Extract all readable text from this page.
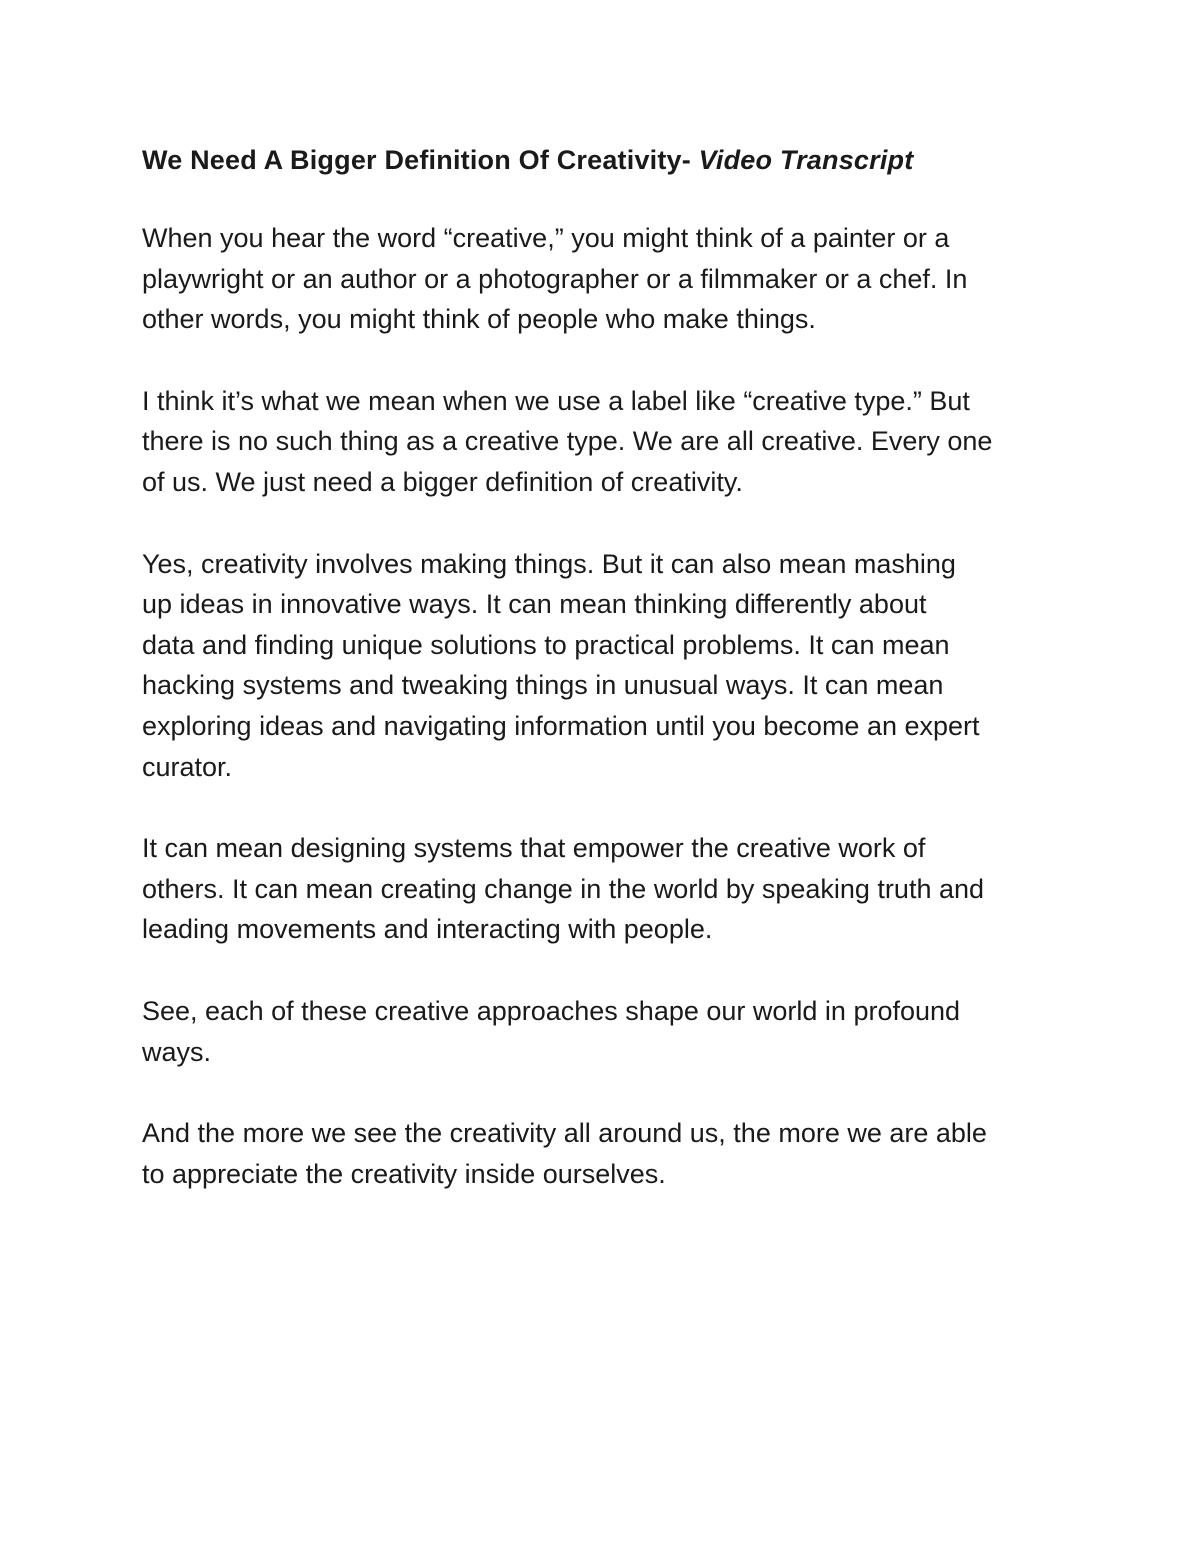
We Need A Bigger Definition Of Creativity- Video Transcript

When you hear the word “creative,” you might think of a painter or a
playwright or an author or a photographer or a filmmaker or a chef. In
other words, you might think of people who make things.

I think it’s what we mean when we use a label like “creative type.” But
there is no such thing as a creative type. We are all creative. Every one
of us. We just need a bigger definition of creativity.

Yes, creativity involves making things. But it can also mean mashing
up ideas in innovative ways. It can mean thinking differently about
data and finding unique solutions to practical problems. It can mean
hacking systems and tweaking things in unusual ways. It can mean
exploring ideas and navigating information until you become an expert
curator.

It can mean designing systems that empower the creative work of
others. It can mean creating change in the world by speaking truth and
leading movements and interacting with people.

See, each of these creative approaches shape our world in profound
ways.

And the more we see the creativity all around us, the more we are able
to appreciate the creativity inside ourselves.
